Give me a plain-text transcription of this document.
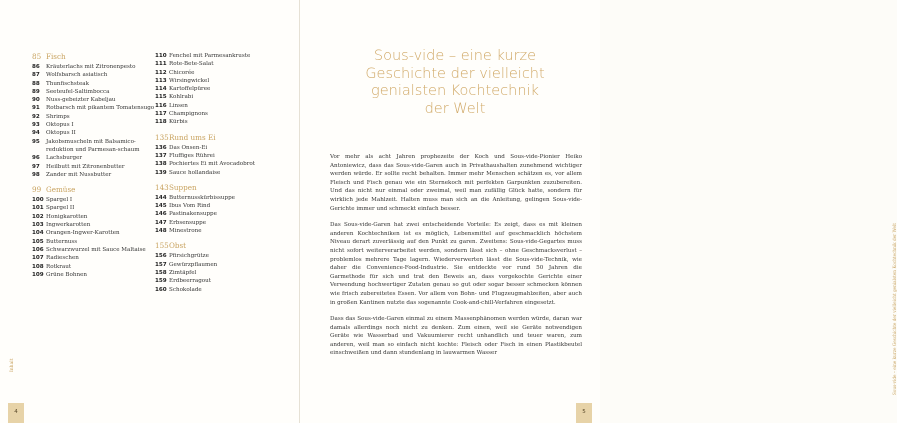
85 Fisch
86	Kräuterlachs mit Zitronenpesto
87	Wolfsbarsch asiatisch
88	Thunfischsteak
89	Seeteufel-Saltimbocca
90	Nuss-gebeizter Kabeljau
91	Rotbarsch mit pikantem Tomatensugo
92	Shrimps
93	Oktopus I
94	Oktopus II
95	Jakobsmuscheln mit Balsamico-reduktion und Parmesan-schaum
96	Lachsburger
97	Heilbutt mit Zitronenbutter
98	Zander mit Nussbutter
99 Gemüse
100 Spargel I
101 Spargel II
102 Honigkarotten
103 Ingwerkarotten
104 Orangen-Ingwer-Karotten
105 Butternuss
106 Schwarzwurzel mit Sauce Maltaise
107 Radieschen
108 Rotkraut
109 Grüne Bohnen
110 Fenchel mit Parmesankruste
111 Rote-Bete-Salat
112 Chicorée
113 Wirsingwickel
114 Kartoffelpüree
115 Kohlrabi
116 Linsen
117 Champignons
118 Kürbis
135 Rund ums Ei
136 Das Onsen-Ei
137 Fluffiges Rührei
138 Pochiertes Ei mit Avocadobrot
139 Sauce hollandaise
143 Suppen
144 Butternusskürbissuppe
145 Ibus Vom Rind
146 Pastinakensuppe
147 Erbsensuppe
148 Minestrone
155 Obst
156 Pfirsichgrütze
157 Gewürzpflaumen
158 Zimtäpfel
159 Erdbeerragout
160 Schokolade
Inhalt
4
Sous-vide – eine kurze
Geschichte der vielleicht
genialsten Kochtechnik
der Welt

Vor mehr als acht Jahren prophezeite der Koch und Sous-vide-Pionier Heiko Antoniewicz, dass das Sous-vide-Garen auch in Privathaushalten zunehmend wichtiger werden würde. Er sollte recht behalten. Immer mehr Menschen schätzen es, vor allem Fleisch und Fisch genau wie ein Sternekoch mit perfekten Garpunkten zuzubereiten. Und das nicht nur einmal oder zweimal, weil man zufällig Glück hatte, sondern für wirklich jede Mahlzeit. Halten muss man sich an die Anleitung, gelingen Sous-vide-Gerichte immer und schmeckt einfach besser.

Das Sous-vide-Garen hat zwei entscheidende Vorteile: Es zeigt, dass es mit kleinen anderen Kochtechniken ist es möglich, Lebensmittel auf geschmacklich höchstem Niveau derart zuverlässig auf den Punkt zu garen. Zweitens: Sous-vide-Gegartes muss nicht sofort weiterverarbeitet werden, sondern lässt sich – ohne Geschmacksverlust – problemlos mehrere Tage lagern. Wiederverwerten lässt die Sous-vide-Technik, wie daher die Convenience-Food-Industrie. Sie entdeckte vor rund 50 Jahren die Garmethode für sich und trat den Beweis an, dass vorgekochte Gerichte einer Verwendung hochwertiger Zutaten genau so gut oder sogar besser schmecken können wie frisch zubereitetes Essen. Vor allem von Bohn- und Flugzeugmahlzeiten, aber auch in großen Kantinen nutzte das sogenannte Cook-and-chill-Verfahren eingesetzt.

Dass das Sous-vide-Garen einmal zu einem Massenphänomen werden würde, daran war damals allerdings noch nicht zu denken. Zum einen, weil sie Geräte notwendigen Geräte wie Wasserbad und Vakuumierer recht unhandlich und teuer waren, zum anderen, weil man so einfach nicht kochte: Fleisch oder Fisch in einen Plastikbeutel einschweißen und dann stundenlang in lauwarmen Wasser	Sous-vide – eine kurze Geschichte der vielleicht genialsten Kochtechnik der Welt
5
